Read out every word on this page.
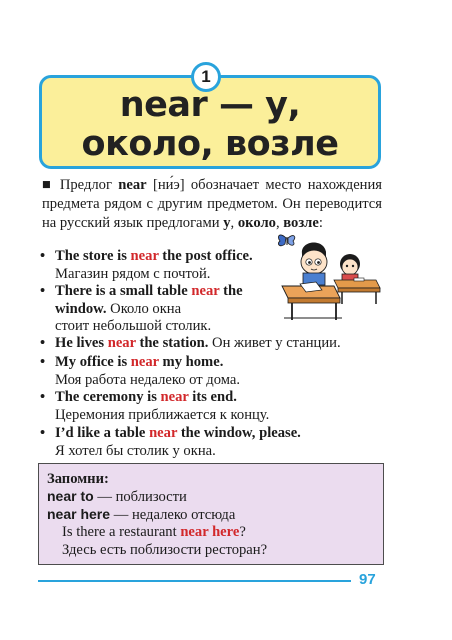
1
near — у,
около, возле
■ Предлог near [ни́э] обозначает место нахождения предмета рядом с другим предметом. Он переводится на русский язык предлогами у, около, возле:
• The store is near the post office.
Магазин рядом с почтой.
• There is a small table near the window. Около окна
стоит небольшой столик.
• He lives near the station. Он живет у станции.
• My office is near my home.
Моя работа недалеко от дома.
• The ceremony is near its end.
Церемония приближается к концу.
• I’d like a table near the window, please.
Я хотел бы столик у окна.
Запомни:
near to — поблизости
near here — недалеко отсюда
Is there a restaurant near here?
Здесь есть поблизости ресторан?
97
